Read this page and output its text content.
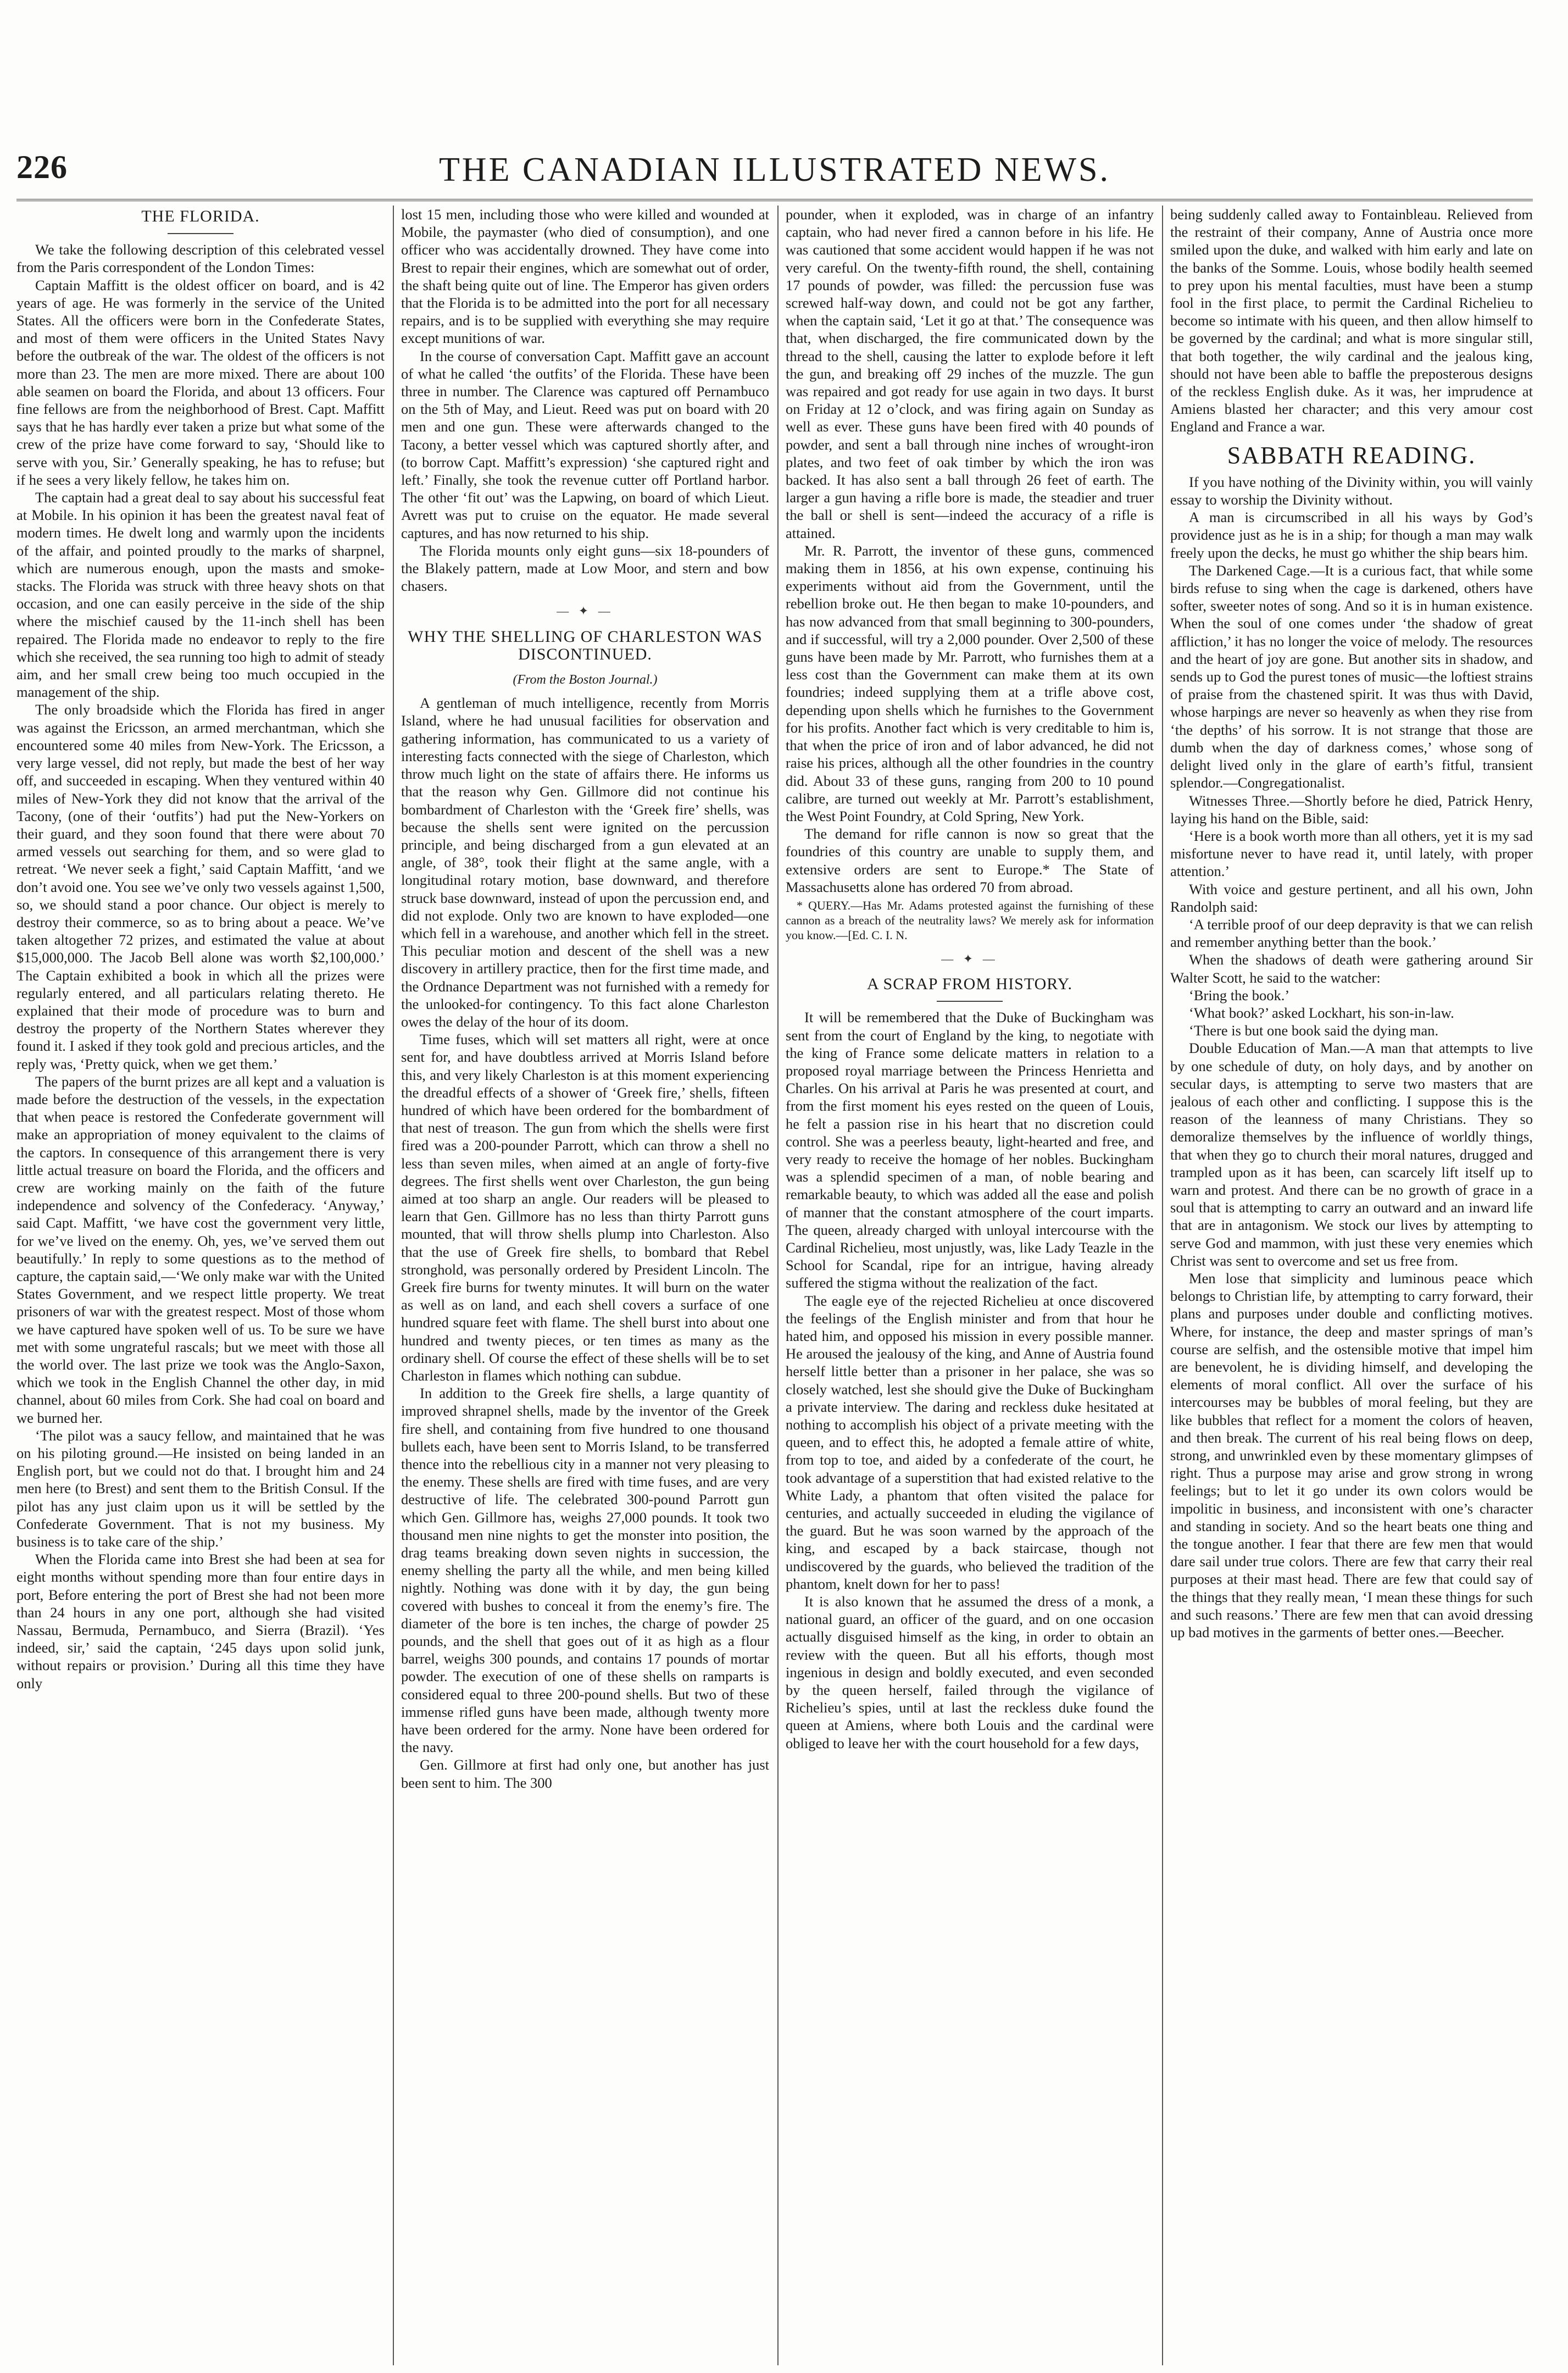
226	THE CANADIAN ILLUSTRATED NEWS.
THE FLORIDA.

We take the following description of this celebrated vessel from the Paris correspondent of the London Times:

Captain Maffitt is the oldest officer on board, and is 42 years of age. He was formerly in the service of the United States. All the officers were born in the Confederate States, and most of them were officers in the United States Navy before the outbreak of the war. The oldest of the officers is not more than 23. The men are more mixed. There are about 100 able seamen on board the Florida, and about 13 officers. Four fine fellows are from the neighborhood of Brest. Capt. Maffitt says that he has hardly ever taken a prize but what some of the crew of the prize have come forward to say, ‘Should like to serve with you, Sir.’ Generally speaking, he has to refuse; but if he sees a very likely fellow, he takes him on.

The captain had a great deal to say about his successful feat at Mobile. In his opinion it has been the greatest naval feat of modern times. He dwelt long and warmly upon the incidents of the affair, and pointed proudly to the marks of sharpnel, which are numerous enough, upon the masts and smoke-stacks. The Florida was struck with three heavy shots on that occasion, and one can easily perceive in the side of the ship where the mischief caused by the 11-inch shell has been repaired. The Florida made no endeavor to reply to the fire which she received, the sea running too high to admit of steady aim, and her small crew being too much occupied in the management of the ship.

The only broadside which the Florida has fired in anger was against the Ericsson, an armed merchantman, which she encountered some 40 miles from New-York. The Ericsson, a very large vessel, did not reply, but made the best of her way off, and succeeded in escaping. When they ventured within 40 miles of New-York they did not know that the arrival of the Tacony, (one of their ‘outfits’) had put the New-Yorkers on their guard, and they soon found that there were about 70 armed vessels out searching for them, and so were glad to retreat. ‘We never seek a fight,’ said Captain Maffitt, ‘and we don’t avoid one. You see we’ve only two vessels against 1,500, so, we should stand a poor chance. Our object is merely to destroy their commerce, so as to bring about a peace. We’ve taken altogether 72 prizes, and estimated the value at about $15,000,000. The Jacob Bell alone was worth $2,100,000.’ The Captain exhibited a book in which all the prizes were regularly entered, and all particulars relating thereto. He explained that their mode of procedure was to burn and destroy the property of the Northern States wherever they found it. I asked if they took gold and precious articles, and the reply was, ‘Pretty quick, when we get them.’

The papers of the burnt prizes are all kept and a valuation is made before the destruction of the vessels, in the expectation that when peace is restored the Confederate government will make an appropriation of money equivalent to the claims of the captors. In consequence of this arrangement there is very little actual treasure on board the Florida, and the officers and crew are working mainly on the faith of the future independence and solvency of the Confederacy. ‘Anyway,’ said Capt. Maffitt, ‘we have cost the government very little, for we’ve lived on the enemy. Oh, yes, we’ve served them out beautifully.’ In reply to some questions as to the method of capture, the captain said,—‘We only make war with the United States Government, and we respect little property. We treat prisoners of war with the greatest respect. Most of those whom we have captured have spoken well of us. To be sure we have met with some ungrateful rascals; but we meet with those all the world over. The last prize we took was the Anglo-Saxon, which we took in the English Channel the other day, in mid channel, about 60 miles from Cork. She had coal on board and we burned her.

‘The pilot was a saucy fellow, and maintained that he was on his piloting ground.—He insisted on being landed in an English port, but we could not do that. I brought him and 24 men here (to Brest) and sent them to the British Consul. If the pilot has any just claim upon us it will be settled by the Confederate Government. That is not my business. My business is to take care of the ship.’

When the Florida came into Brest she had been at sea for eight months without spending more than four entire days in port, Before entering the port of Brest she had not been more than 24 hours in any one port, although she had visited Nassau, Bermuda, Pernambuco, and Sierra (Brazil). ‘Yes indeed, sir,’ said the captain, ‘245 days upon solid junk, without repairs or provision.’ During all this time they have only

lost 15 men, including those who were killed and wounded at Mobile, the paymaster (who died of consumption), and one officer who was accidentally drowned. They have come into Brest to repair their engines, which are somewhat out of order, the shaft being quite out of line. The Emperor has given orders that the Florida is to be admitted into the port for all necessary repairs, and is to be supplied with everything she may require except munitions of war.

In the course of conversation Capt. Maffitt gave an account of what he called ‘the outfits’ of the Florida. These have been three in number. The Clarence was captured off Pernambuco on the 5th of May, and Lieut. Reed was put on board with 20 men and one gun. These were afterwards changed to the Tacony, a better vessel which was captured shortly after, and (to borrow Capt. Maffitt’s expression) ‘she captured right and left.’ Finally, she took the revenue cutter off Portland harbor. The other ‘fit out’ was the Lapwing, on board of which Lieut. Avrett was put to cruise on the equator. He made several captures, and has now returned to his ship.

The Florida mounts only eight guns—six 18-pounders of the Blakely pattern, made at Low Moor, and stern and bow chasers.

— ✦ —
WHY THE SHELLING OF CHARLESTON WAS DISCONTINUED.
(From the Boston Journal.)

A gentleman of much intelligence, recently from Morris Island, where he had unusual facilities for observation and gathering information, has communicated to us a variety of interesting facts connected with the siege of Charleston, which throw much light on the state of affairs there. He informs us that the reason why Gen. Gillmore did not continue his bombardment of Charleston with the ‘Greek fire’ shells, was because the shells sent were ignited on the percussion principle, and being discharged from a gun elevated at an angle, of 38°, took their flight at the same angle, with a longitudinal rotary motion, base downward, and therefore struck base downward, instead of upon the percussion end, and did not explode. Only two are known to have exploded—one which fell in a warehouse, and another which fell in the street. This peculiar motion and descent of the shell was a new discovery in artillery practice, then for the first time made, and the Ordnance Department was not furnished with a remedy for the unlooked-for contingency. To this fact alone Charleston owes the delay of the hour of its doom.

Time fuses, which will set matters all right, were at once sent for, and have doubtless arrived at Morris Island before this, and very likely Charleston is at this moment experiencing the dreadful effects of a shower of ‘Greek fire,’ shells, fifteen hundred of which have been ordered for the bombardment of that nest of treason. The gun from which the shells were first fired was a 200-pounder Parrott, which can throw a shell no less than seven miles, when aimed at an angle of forty-five degrees. The first shells went over Charleston, the gun being aimed at too sharp an angle. Our readers will be pleased to learn that Gen. Gillmore has no less than thirty Parrott guns mounted, that will throw shells plump into Charleston. Also that the use of Greek fire shells, to bombard that Rebel stronghold, was personally ordered by President Lincoln. The Greek fire burns for twenty minutes. It will burn on the water as well as on land, and each shell covers a surface of one hundred square feet with flame. The shell burst into about one hundred and twenty pieces, or ten times as many as the ordinary shell. Of course the effect of these shells will be to set Charleston in flames which nothing can subdue.

In addition to the Greek fire shells, a large quantity of improved shrapnel shells, made by the inventor of the Greek fire shell, and containing from five hundred to one thousand bullets each, have been sent to Morris Island, to be transferred thence into the rebellious city in a manner not very pleasing to the enemy. These shells are fired with time fuses, and are very destructive of life. The celebrated 300-pound Parrott gun which Gen. Gillmore has, weighs 27,000 pounds. It took two thousand men nine nights to get the monster into position, the drag teams breaking down seven nights in succession, the enemy shelling the party all the while, and men being killed nightly. Nothing was done with it by day, the gun being covered with bushes to conceal it from the enemy’s fire. The diameter of the bore is ten inches, the charge of powder 25 pounds, and the shell that goes out of it as high as a flour barrel, weighs 300 pounds, and contains 17 pounds of mortar powder. The execution of one of these shells on ramparts is considered equal to three 200-pound shells. But two of these immense rifled guns have been made, although twenty more have been ordered for the army. None have been ordered for the navy.

Gen. Gillmore at first had only one, but another has just been sent to him. The 300

pounder, when it exploded, was in charge of an infantry captain, who had never fired a cannon before in his life. He was cautioned that some accident would happen if he was not very careful. On the twenty-fifth round, the shell, containing 17 pounds of powder, was filled: the percussion fuse was screwed half-way down, and could not be got any farther, when the captain said, ‘Let it go at that.’ The consequence was that, when discharged, the fire communicated down by the thread to the shell, causing the latter to explode before it left the gun, and breaking off 29 inches of the muzzle. The gun was repaired and got ready for use again in two days. It burst on Friday at 12 o’clock, and was firing again on Sunday as well as ever. These guns have been fired with 40 pounds of powder, and sent a ball through nine inches of wrought-iron plates, and two feet of oak timber by which the iron was backed. It has also sent a ball through 26 feet of earth. The larger a gun having a rifle bore is made, the steadier and truer the ball or shell is sent—indeed the accuracy of a rifle is attained.

Mr. R. Parrott, the inventor of these guns, commenced making them in 1856, at his own expense, continuing his experiments without aid from the Government, until the rebellion broke out. He then began to make 10-pounders, and has now advanced from that small beginning to 300-pounders, and if successful, will try a 2,000 pounder. Over 2,500 of these guns have been made by Mr. Parrott, who furnishes them at a less cost than the Government can make them at its own foundries; indeed supplying them at a trifle above cost, depending upon shells which he furnishes to the Government for his profits. Another fact which is very creditable to him is, that when the price of iron and of labor advanced, he did not raise his prices, although all the other foundries in the country did. About 33 of these guns, ranging from 200 to 10 pound calibre, are turned out weekly at Mr. Parrott’s establishment, the West Point Foundry, at Cold Spring, New York.

The demand for rifle cannon is now so great that the foundries of this country are unable to supply them, and extensive orders are sent to Europe.* The State of Massachusetts alone has ordered 70 from abroad.

* QUERY.—Has Mr. Adams protested against the furnishing of these cannon as a breach of the neutrality laws? We merely ask for information you know.—[Ed. C. I. N.
— ✦ —
A SCRAP FROM HISTORY.

It will be remembered that the Duke of Buckingham was sent from the court of England by the king, to negotiate with the king of France some delicate matters in relation to a proposed royal marriage between the Princess Henrietta and Charles. On his arrival at Paris he was presented at court, and from the first moment his eyes rested on the queen of Louis, he felt a passion rise in his heart that no discretion could control. She was a peerless beauty, light-hearted and free, and very ready to receive the homage of her nobles. Buckingham was a splendid specimen of a man, of noble bearing and remarkable beauty, to which was added all the ease and polish of manner that the constant atmosphere of the court imparts. The queen, already charged with unloyal intercourse with the Cardinal Richelieu, most unjustly, was, like Lady Teazle in the School for Scandal, ripe for an intrigue, having already suffered the stigma without the realization of the fact.

The eagle eye of the rejected Richelieu at once discovered the feelings of the English minister and from that hour he hated him, and opposed his mission in every possible manner. He aroused the jealousy of the king, and Anne of Austria found herself little better than a prisoner in her palace, she was so closely watched, lest she should give the Duke of Buckingham a private interview. The daring and reckless duke hesitated at nothing to accomplish his object of a private meeting with the queen, and to effect this, he adopted a female attire of white, from top to toe, and aided by a confederate of the court, he took advantage of a superstition that had existed relative to the White Lady, a phantom that often visited the palace for centuries, and actually succeeded in eluding the vigilance of the guard. But he was soon warned by the approach of the king, and escaped by a back staircase, though not undiscovered by the guards, who believed the tradition of the phantom, knelt down for her to pass!

It is also known that he assumed the dress of a monk, a national guard, an officer of the guard, and on one occasion actually disguised himself as the king, in order to obtain an review with the queen. But all his efforts, though most ingenious in design and boldly executed, and even seconded by the queen herself, failed through the vigilance of Richelieu’s spies, until at last the reckless duke found the queen at Amiens, where both Louis and the cardinal were obliged to leave her with the court household for a few days,

being suddenly called away to Fontainbleau. Relieved from the restraint of their company, Anne of Austria once more smiled upon the duke, and walked with him early and late on the banks of the Somme. Louis, whose bodily health seemed to prey upon his mental faculties, must have been a stump fool in the first place, to permit the Cardinal Richelieu to become so intimate with his queen, and then allow himself to be governed by the cardinal; and what is more singular still, that both together, the wily cardinal and the jealous king, should not have been able to baffle the preposterous designs of the reckless English duke. As it was, her imprudence at Amiens blasted her character; and this very amour cost England and France a war.

SABBATH READING.

If you have nothing of the Divinity within, you will vainly essay to worship the Divinity without.

A man is circumscribed in all his ways by God’s providence just as he is in a ship; for though a man may walk freely upon the decks, he must go whither the ship bears him.

The Darkened Cage.—It is a curious fact, that while some birds refuse to sing when the cage is darkened, others have softer, sweeter notes of song. And so it is in human existence. When the soul of one comes under ‘the shadow of great affliction,’ it has no longer the voice of melody. The resources and the heart of joy are gone. But another sits in shadow, and sends up to God the purest tones of music—the loftiest strains of praise from the chastened spirit. It was thus with David, whose harpings are never so heavenly as when they rise from ‘the depths’ of his sorrow. It is not strange that those are dumb when the day of darkness comes,’ whose song of delight lived only in the glare of earth’s fitful, transient splendor.—Congregationalist.

Witnesses Three.—Shortly before he died, Patrick Henry, laying his hand on the Bible, said:

‘Here is a book worth more than all others, yet it is my sad misfortune never to have read it, until lately, with proper attention.’

With voice and gesture pertinent, and all his own, John Randolph said:

‘A terrible proof of our deep depravity is that we can relish and remember anything better than the book.’

When the shadows of death were gathering around Sir Walter Scott, he said to the watcher:

‘Bring the book.’

‘What book?’ asked Lockhart, his son-in-law.

‘There is but one book said the dying man.

Double Education of Man.—A man that attempts to live by one schedule of duty, on holy days, and by another on secular days, is attempting to serve two masters that are jealous of each other and conflicting. I suppose this is the reason of the leanness of many Christians. They so demoralize themselves by the influence of worldly things, that when they go to church their moral natures, drugged and trampled upon as it has been, can scarcely lift itself up to warn and protest. And there can be no growth of grace in a soul that is attempting to carry an outward and an inward life that are in antagonism. We stock our lives by attempting to serve God and mammon, with just these very enemies which Christ was sent to overcome and set us free from.

Men lose that simplicity and luminous peace which belongs to Christian life, by attempting to carry forward, their plans and purposes under double and conflicting motives. Where, for instance, the deep and master springs of man’s course are selfish, and the ostensible motive that impel him are benevolent, he is dividing himself, and developing the elements of moral conflict. All over the surface of his intercourses may be bubbles of moral feeling, but they are like bubbles that reflect for a moment the colors of heaven, and then break. The current of his real being flows on deep, strong, and unwrinkled even by these momentary glimpses of right. Thus a purpose may arise and grow strong in wrong feelings; but to let it go under its own colors would be impolitic in business, and inconsistent with one’s character and standing in society. And so the heart beats one thing and the tongue another. I fear that there are few men that would dare sail under true colors. There are few that carry their real purposes at their mast head. There are few that could say of the things that they really mean, ‘I mean these things for such and such reasons.’ There are few men that can avoid dressing up bad motives in the garments of better ones.—Beecher.
